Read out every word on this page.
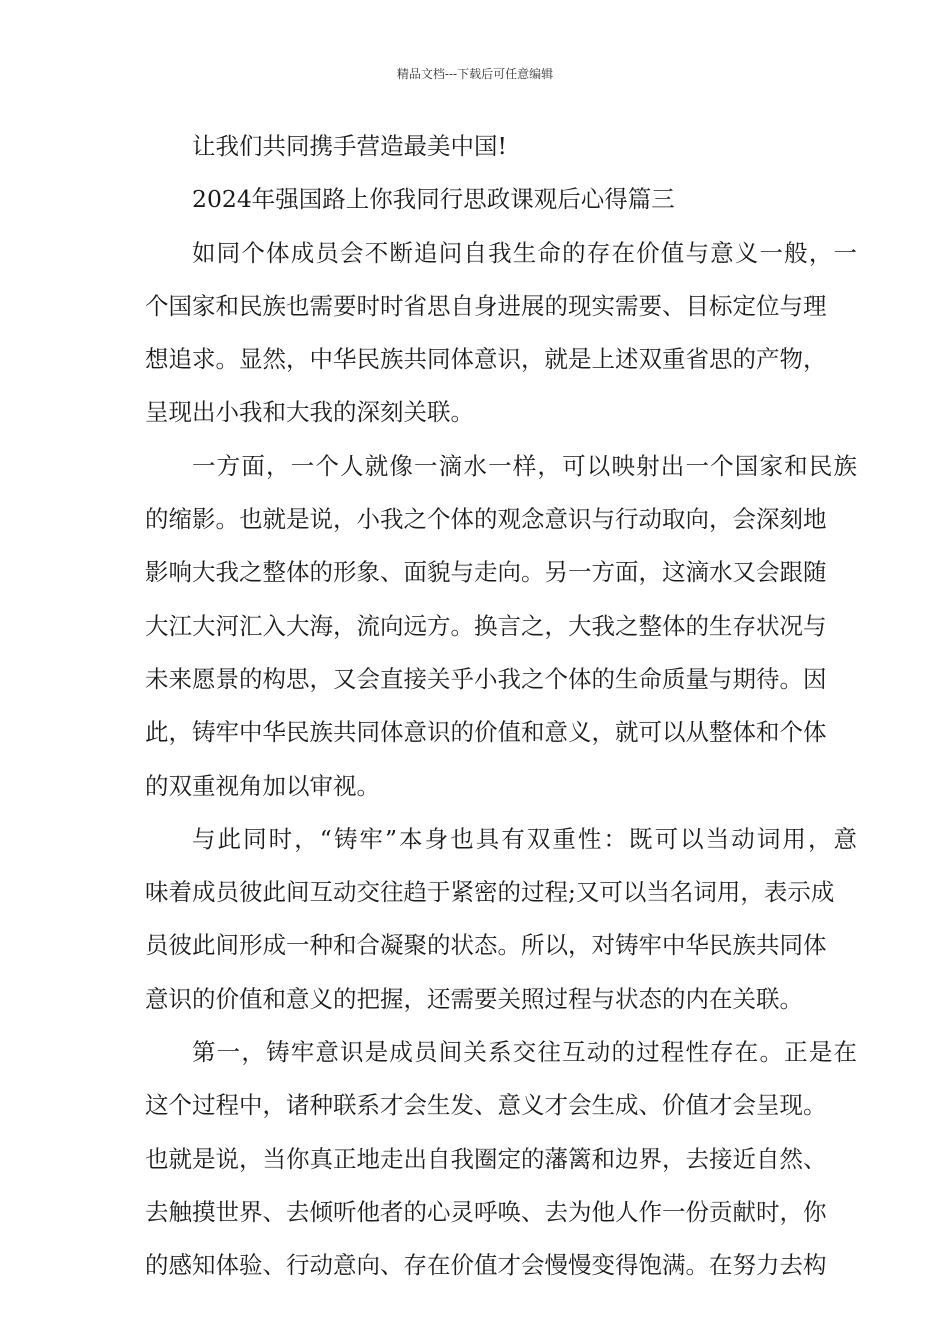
精品文档---下载后可任意编辑
让我们共同携手营造最美中国!
2024年强国路上你我同行思政课观后心得篇三
如同个体成员会不断追问自我生命的存在价值与意义一般，一
个国家和民族也需要时时省思自身进展的现实需要、目标定位与理
想追求。显然，中华民族共同体意识，就是上述双重省思的产物，
呈现出小我和大我的深刻关联。
一方面，一个人就像一滴水一样，可以映射出一个国家和民族
的缩影。也就是说，小我之个体的观念意识与行动取向，会深刻地
影响大我之整体的形象、面貌与走向。另一方面，这滴水又会跟随
大江大河汇入大海，流向远方。换言之，大我之整体的生存状况与
未来愿景的构思，又会直接关乎小我之个体的生命质量与期待。因
此，铸牢中华民族共同体意识的价值和意义，就可以从整体和个体
的双重视角加以审视。
与此同时，“铸牢”本身也具有双重性：既可以当动词用，意
味着成员彼此间互动交往趋于紧密的过程;又可以当名词用，表示成
员彼此间形成一种和合凝聚的状态。所以，对铸牢中华民族共同体
意识的价值和意义的把握，还需要关照过程与状态的内在关联。
第一，铸牢意识是成员间关系交往互动的过程性存在。正是在
这个过程中，诸种联系才会生发、意义才会生成、价值才会呈现。
也就是说，当你真正地走出自我圈定的藩篱和边界，去接近自然、
去触摸世界、去倾听他者的心灵呼唤、去为他人作一份贡献时，你
的感知体验、行动意向、存在价值才会慢慢变得饱满。在努力去构
